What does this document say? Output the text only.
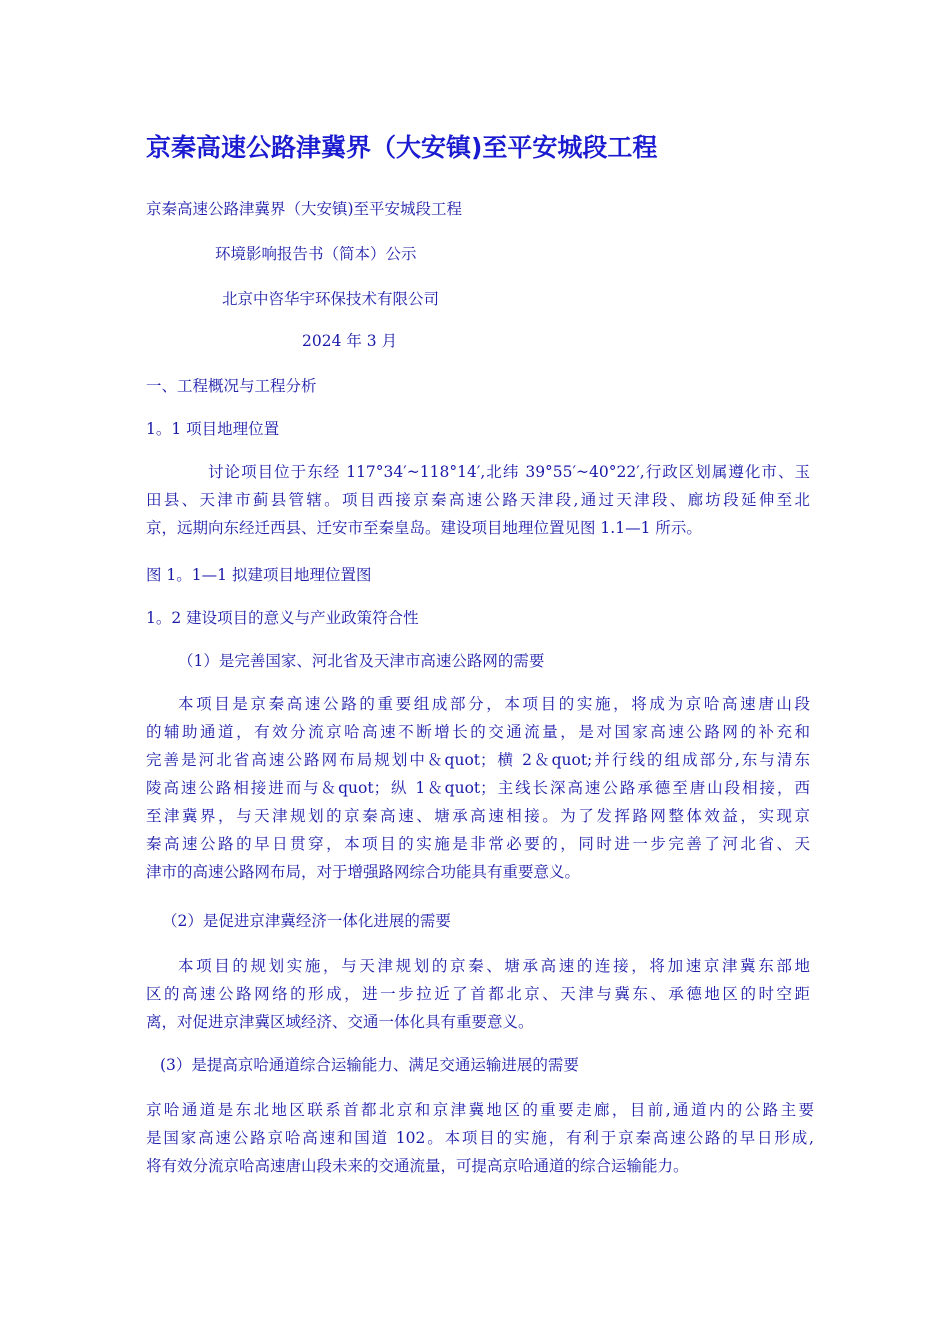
京秦高速公路津冀界（大安镇)至平安城段工程
京秦高速公路津冀界（大安镇)至平安城段工程
环境影响报告书（简本）公示
北京中咨华宇环保技术有限公司
2024 年 3 月
一、工程概况与工程分析
1。1 项目地理位置
讨论项目位于东经 117°34′~118°14′,北纬 39°55′~40°22′,行政区划属遵化市、玉
田县、天津市蓟县管辖。项目西接京秦高速公路天津段,通过天津段、廊坊段延伸至北
京，远期向东经迁西县、迁安市至秦皇岛。建设项目地理位置见图 1.1—1 所示。
图 1。1—1 拟建项目地理位置图
1。2 建设项目的意义与产业政策符合性
（1）是完善国家、河北省及天津市高速公路网的需要
本项目是京秦高速公路的重要组成部分，本项目的实施，将成为京哈高速唐山段
的辅助通道，有效分流京哈高速不断增长的交通流量，是对国家高速公路网的补充和
完善是河北省高速公路网布局规划中＆quot；横 2＆quot;并行线的组成部分,东与清东
陵高速公路相接进而与＆quot；纵 1＆quot；主线长深高速公路承德至唐山段相接，西
至津冀界，与天津规划的京秦高速、塘承高速相接。为了发挥路网整体效益，实现京
秦高速公路的早日贯穿，本项目的实施是非常必要的，同时进一步完善了河北省、天
津市的高速公路网布局，对于增强路网综合功能具有重要意义。
（2）是促进京津冀经济一体化进展的需要
本项目的规划实施，与天津规划的京秦、塘承高速的连接，将加速京津冀东部地
区的高速公路网络的形成，进一步拉近了首都北京、天津与冀东、承德地区的时空距
离，对促进京津冀区域经济、交通一体化具有重要意义。
(3）是提高京哈通道综合运输能力、满足交通运输进展的需要
京哈通道是东北地区联系首都北京和京津冀地区的重要走廊，目前,通道内的公路主要
是国家高速公路京哈高速和国道 102。本项目的实施，有利于京秦高速公路的早日形成,
将有效分流京哈高速唐山段未来的交通流量，可提高京哈通道的综合运输能力。
